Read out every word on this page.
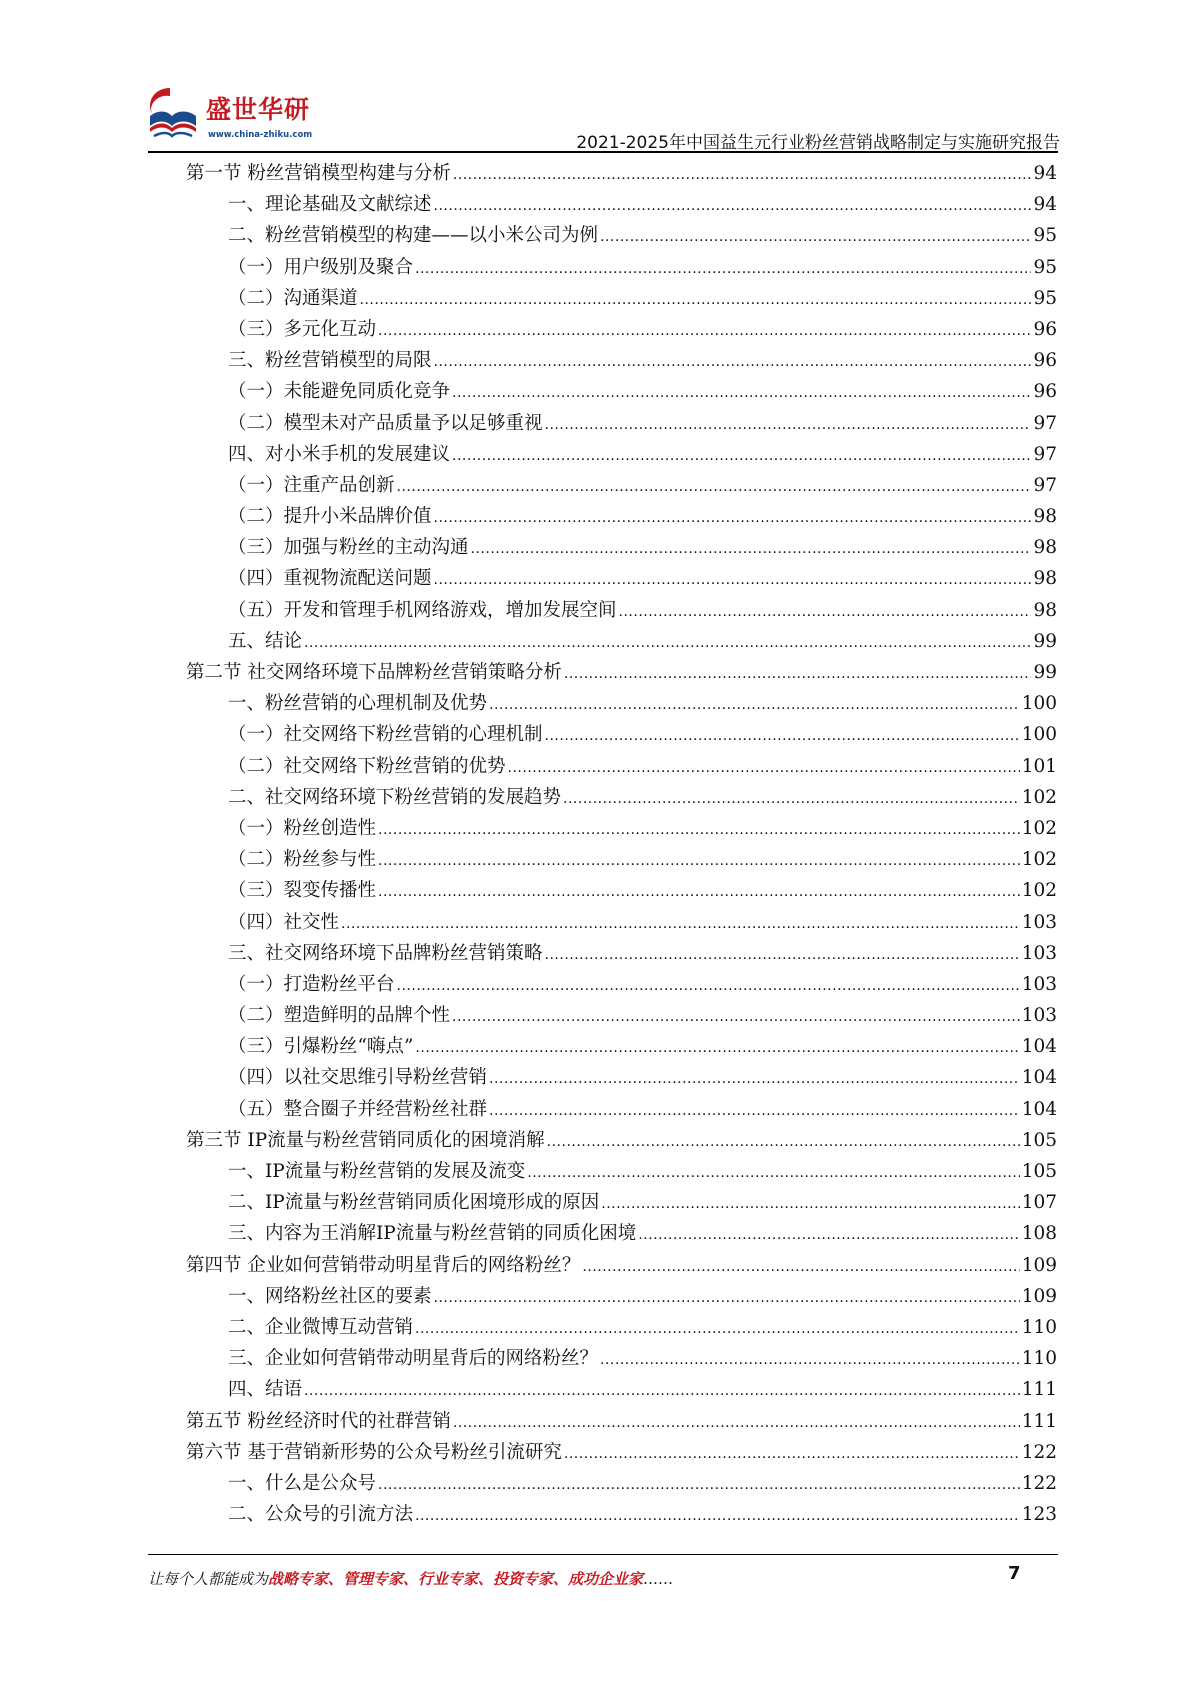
盛世华研
www.china-zhiku.com	2021-2025年中国益生元行业粉丝营销战略制定与实施研究报告
第一节 粉丝营销模型构建与分析 .....	94
一、理论基础及文献综述 .....	94
二、粉丝营销模型的构建——以小米公司为例 .....	95
（一）用户级别及聚合 .....	95
（二）沟通渠道 .....	95
（三）多元化互动 .....	96
三、粉丝营销模型的局限 .....	96
（一）未能避免同质化竞争 .....	96
（二）模型未对产品质量予以足够重视 .....	97
四、对小米手机的发展建议 .....	97
（一）注重产品创新 .....	97
（二）提升小米品牌价值 .....	98
（三）加强与粉丝的主动沟通 .....	98
（四）重视物流配送问题 .....	98
（五）开发和管理手机网络游戏，增加发展空间 .....	98
五、结论 .....	99
第二节 社交网络环境下品牌粉丝营销策略分析 .....	99
一、粉丝营销的心理机制及优势 .....	100
（一）社交网络下粉丝营销的心理机制 .....	100
（二）社交网络下粉丝营销的优势 .....	101
二、社交网络环境下粉丝营销的发展趋势 .....	102
（一）粉丝创造性 .....	102
（二）粉丝参与性 .....	102
（三）裂变传播性 .....	102
（四）社交性 .....	103
三、社交网络环境下品牌粉丝营销策略 .....	103
（一）打造粉丝平台 .....	103
（二）塑造鲜明的品牌个性 .....	103
（三）引爆粉丝“嗨点” .....	104
（四）以社交思维引导粉丝营销 .....	104
（五）整合圈子并经营粉丝社群 .....	104
第三节 IP流量与粉丝营销同质化的困境消解 .....	105
一、IP流量与粉丝营销的发展及流变 .....	105
二、IP流量与粉丝营销同质化困境形成的原因 .....	107
三、内容为王消解IP流量与粉丝营销的同质化困境 .....	108
第四节 企业如何营销带动明星背后的网络粉丝？ .....	109
一、网络粉丝社区的要素 .....	109
二、企业微博互动营销 .....	110
三、企业如何营销带动明星背后的网络粉丝？ .....	110
四、结语 .....	111
第五节 粉丝经济时代的社群营销 .....	111
第六节 基于营销新形势的公众号粉丝引流研究 .....	122
一、什么是公众号 .....	122
二、公众号的引流方法 .....	123
让每个人都能成为战略专家、管理专家、行业专家、投资专家、成功企业家……	7
